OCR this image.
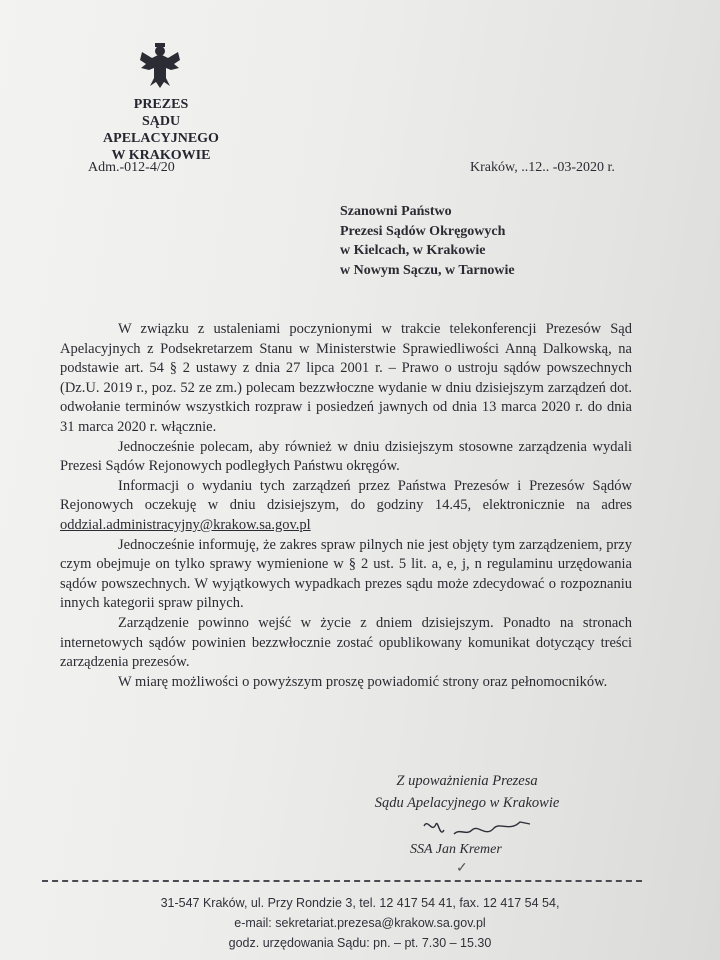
PREZES
SĄDU APELACYJNEGO
W KRAKOWIE
Adm.-012-4/20	Kraków, ..12.. -03-2020 r.
Szanowni Państwo
Prezesi Sądów Okręgowych
w Kielcach, w Krakowie
w Nowym Sączu, w Tarnowie

W związku z ustaleniami poczynionymi w trakcie telekonferencji Prezesów Sąd Apelacyjnych z Podsekretarzem Stanu w Ministerstwie Sprawiedliwości Anną Dalkowską, na podstawie art. 54 § 2 ustawy z dnia 27 lipca 2001 r. – Prawo o ustroju sądów powszechnych (Dz.U. 2019 r., poz. 52 ze zm.) polecam bezzwłoczne wydanie w dniu dzisiejszym zarządzeń dot. odwołanie terminów wszystkich rozpraw i posiedzeń jawnych od dnia 13 marca 2020 r. do dnia 31 marca 2020 r. włącznie.

Jednocześnie polecam, aby również w dniu dzisiejszym stosowne zarządzenia wydali Prezesi Sądów Rejonowych podległych Państwu okręgów.

Informacji o wydaniu tych zarządzeń przez Państwa Prezesów i Prezesów Sądów Rejonowych oczekuję w dniu dzisiejszym, do godziny 14.45, elektronicznie na adres oddzial.administracyjny@krakow.sa.gov.pl

Jednocześnie informuję, że zakres spraw pilnych nie jest objęty tym zarządzeniem, przy czym obejmuje on tylko sprawy wymienione w § 2 ust. 5 lit. a, e, j, n regulaminu urzędowania sądów powszechnych. W wyjątkowych wypadkach prezes sądu może zdecydować o rozpoznaniu innych kategorii spraw pilnych.

Zarządzenie powinno wejść w życie z dniem dzisiejszym. Ponadto na stronach internetowych sądów powinien bezzwłocznie zostać opublikowany komunikat dotyczący treści zarządzenia prezesów.

W miarę możliwości o powyższym proszę powiadomić strony oraz pełnomocników.

Z upoważnienia Prezesa
Sądu Apelacyjnego w Krakowie
SSA Jan Kremer
✓
31-547 Kraków, ul. Przy Rondzie 3, tel. 12 417 54 41, fax. 12 417 54 54,
e-mail: sekretariat.prezesa@krakow.sa.gov.pl
godz. urzędowania Sądu: pn. – pt. 7.30 – 15.30
